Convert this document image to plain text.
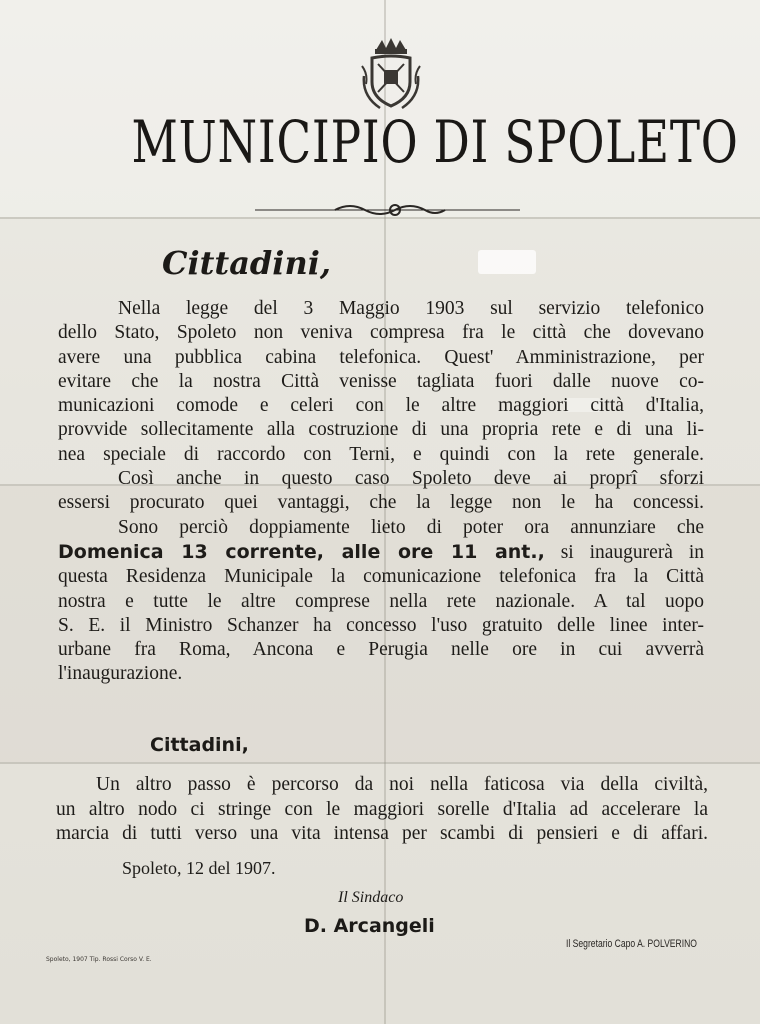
MUNICIPIO DI SPOLETO
Cittadini,
Nella legge del 3 Maggio 1903 sul servizio telefonico
dello Stato, Spoleto non veniva compresa fra le città che dovevano
avere una pubblica cabina telefonica. Quest' Amministrazione, per
evitare che la nostra Città venisse tagliata fuori dalle nuove co-
municazioni comode e celeri con le altre maggiori città d'Italia,
provvide sollecitamente alla costruzione di una propria rete e di una li-
nea speciale di raccordo con Terni, e quindi con la rete generale.
Così anche in questo caso Spoleto deve ai proprî sforzi
essersi procurato quei vantaggi, che la legge non le ha concessi.
Sono perciò doppiamente lieto di poter ora annunziare che
Domenica 13 corrente, alle ore 11 ant., si inaugurerà in
questa Residenza Municipale la comunicazione telefonica fra la Città
nostra e tutte le altre comprese nella rete nazionale. A tal uopo
S. E. il Ministro Schanzer ha concesso l'uso gratuito delle linee inter-
urbane fra Roma, Ancona e Perugia nelle ore in cui avverrà
l'inaugurazione.
Cittadini,
Un altro passo è percorso da noi nella faticosa via della civiltà,
un altro nodo ci stringe con le maggiori sorelle d'Italia ad accelerare la
marcia di tutti verso una vita intensa per scambi di pensieri e di affari.
Spoleto, 12 del 1907.
Il Sindaco
D. Arcangeli
Il Segretario Capo A. POLVERINO
Spoleto, 1907 Tip. Rossi Corso V. E.
